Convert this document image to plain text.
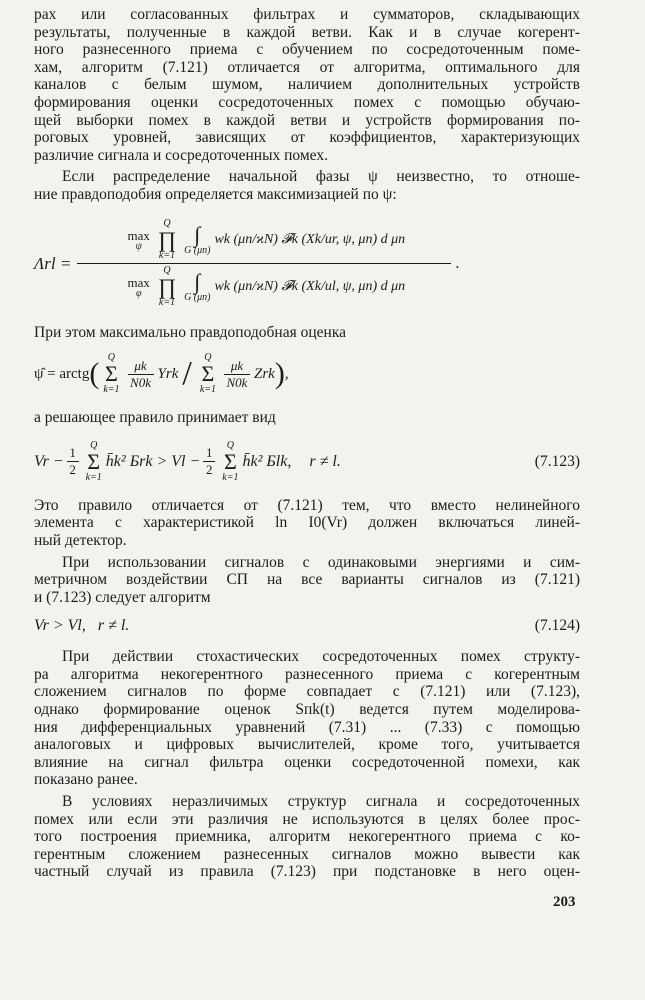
рах или согласованных фильтрах и сумматоров, складывающих
результаты, полученные в каждой ветви. Как и в случае когерент-
ного разнесенного приема с обучением по сосредоточенным поме-
хам, алгоритм (7.121) отличается от алгоритма, оптимального для
каналов с белым шумом, наличием дополнительных устройств
формирования оценки сосредоточенных помех с помощью обучаю-
щей выборки помех в каждой ветви и устройств формирования по-
роговых уровней, зависящих от коэффициентов, характеризующих
различие сигнала и сосредоточенных помех.
Если распределение начальной фазы ψ неизвестно, то отноше-
ние правдоподобия определяется максимизацией по ψ:
Λrl =
max
ψ
Q
∏
k=1
∫
G (μп)
wk (μп/ϰN) 𝓕k (Xk/ur, ψ, μп) d μп
max
φ
Q
∏
k=1
∫
G (μп)
wk (μп/ϰN) 𝓕k (Xk/ul, ψ, μп) d μп
.
При этом максимально правдоподобная оценка
ψ̂ = arctg ( Q
Σ
k=1
μk
N0k
Yrk / Q
Σ
k=1
μk
N0k
Zrk ) ,
а решающее правило принимает вид
Vr − 1
2
Q
Σ
k=1
h̄k² Бrk > Vl − 1
2
Q
Σ
k=1
h̄k² Бlk, r ≠ l.	(7.123)
Это правило отличается от (7.121) тем, что вместо нелинейного
элемента с характеристикой ln I0(Vr) должен включаться линей-
ный детектор.
При использовании сигналов с одинаковыми энергиями и сим-
метричном воздействии СП на все варианты сигналов из (7.121)
и (7.123) следует алгоритм
Vr > Vl,   r ≠ l.	(7.124)
При действии стохастических сосредоточенных помех структу-
ра алгоритма некогерентного разнесенного приема с когерентным
сложением сигналов по форме совпадает с (7.121) или (7.123),
однако формирование оценок Sпk(t) ведется путем моделирова-
ния дифференциальных уравнений (7.31) ... (7.33) с помощью
аналоговых и цифровых вычислителей, кроме того, учитывается
влияние на сигнал фильтра оценки сосредоточенной помехи, как
показано ранее.
В условиях неразличимых структур сигнала и сосредоточенных
помех или если эти различия не используются в целях более прос-
того построения приемника, алгоритм некогерентного приема с ко-
герентным сложением разнесенных сигналов можно вывести как
частный случай из правила (7.123) при подстановке в него оцен-
203
